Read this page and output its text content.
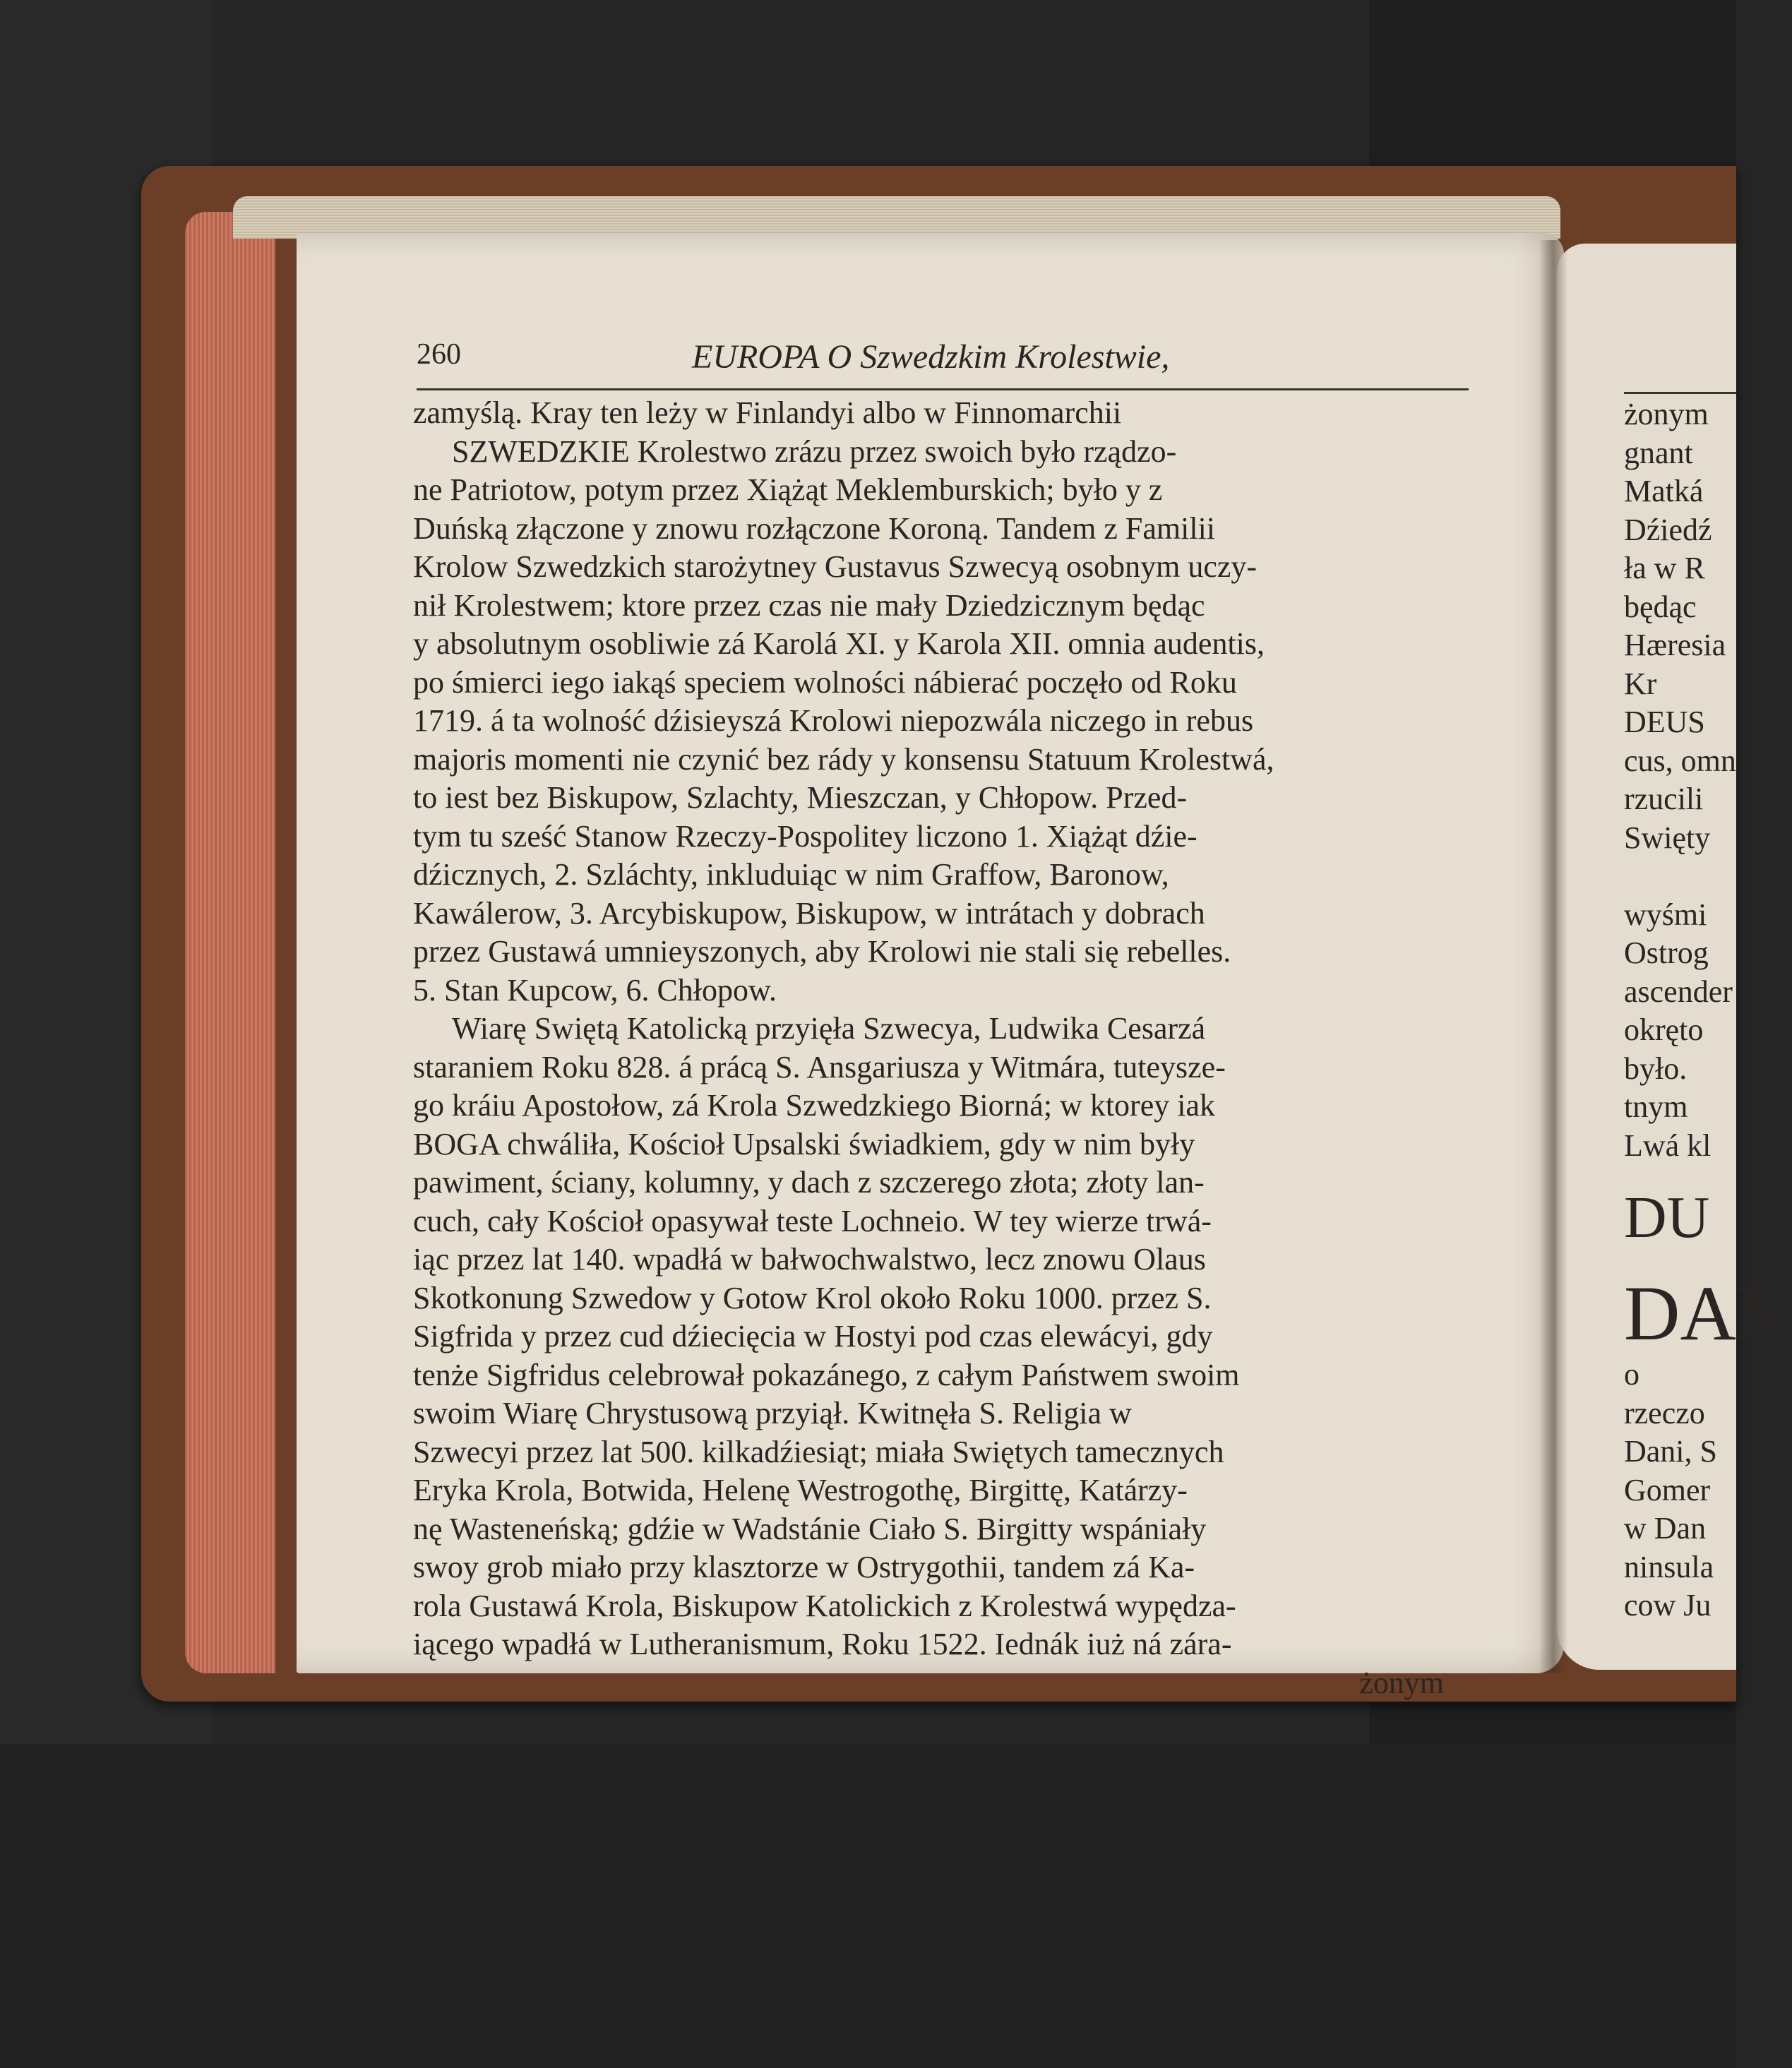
260	EUROPA O Szwedzkim Krolestwie,
zamyślą. Kray ten leży w Finlandyi albo w Finnomarchii
SZWEDZKIE Krolestwo zrázu przez swoich było rządzo-
ne Patriotow, potym przez Xiążąt Meklemburskich; było y z
Duńską złączone y znowu rozłączone Koroną. Tandem z Familii
Krolow Szwedzkich starożytney Gustavus Szwecyą osobnym uczy-
nił Krolestwem; ktore przez czas nie mały Dziedzicznym będąc
y absolutnym osobliwie zá Karolá XI. y Karola XII. omnia audentis,
po śmierci iego iakąś speciem wolności nábierać poczęło od Roku
1719. á ta wolność dźisieyszá Krolowi niepozwála niczego in rebus
majoris momenti nie czynić bez rády y konsensu Statuum Krolestwá,
to iest bez Biskupow, Szlachty, Mieszczan, y Chłopow. Przed-
tym tu sześć Stanow Rzeczy-Pospolitey liczono 1. Xiążąt dźie-
dźicznych, 2. Szláchty, inkluduiąc w nim Graffow, Baronow,
Kawálerow, 3. Arcybiskupow, Biskupow, w intrátach y dobrach
przez Gustawá umnieyszonych, aby Krolowi nie stali się rebelles.
5. Stan Kupcow, 6. Chłopow.
Wiarę Swiętą Katolicką przyięła Szwecya, Ludwika Cesarzá
staraniem Roku 828. á prácą S. Ansgariusza y Witmára, tuteysze-
go kráiu Apostołow, zá Krola Szwedzkiego Biorná; w ktorey iak
BOGA chwáliła, Kościoł Upsalski świadkiem, gdy w nim były
pawiment, ściany, kolumny, y dach z szczerego złota; złoty lan-
cuch, cały Kościoł opasywał teste Lochneio. W tey wierze trwá-
iąc przez lat 140. wpadłá w bałwochwalstwo, lecz znowu Olaus
Skotkonung Szwedow y Gotow Krol około Roku 1000. przez S.
Sigfrida y przez cud dźiecięcia w Hostyi pod czas elewácyi, gdy
tenże Sigfridus celebrował pokazánego, z całym Państwem swoim
swoim Wiarę Chrystusową przyiął. Kwitnęła S. Religia w
Szwecyi przez lat 500. kilkadźiesiąt; miała Swiętych tamecznych
Eryka Krola, Botwida, Helenę Westrogothę, Birgittę, Katárzy-
nę Wasteneńską; gdźie w Wadstánie Ciało S. Birgitty wspániały
swoy grob miało przy klasztorze w Ostrygothii, tandem zá Ka-
rola Gustawá Krola, Biskupow Katolickich z Krolestwá wypędza-
iącego wpadłá w Lutheranismum, Roku 1522. Iednák iuż ná zára-
żonym
żonym
gnant
Matká
Dźiedź
ła w R
będąc
Hæresia
Kr
DEUS
cus, omn
rzucili
Swięty
wyśmi
Ostrog
ascender
okręto
było.
tnym
Lwá kl
DU
DAN
o
rzeczo
Dani, S
Gomer
w Dan
ninsula
cow Ju
